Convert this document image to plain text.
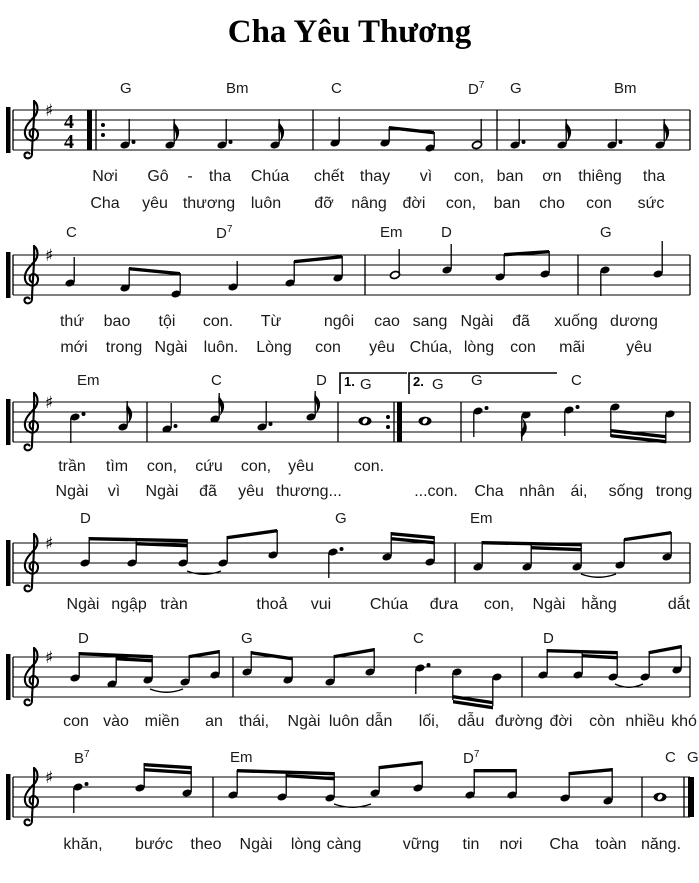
Cha Yêu Thương
♯ 4
4
♯
♯
♯
♯
♯
G	Bm	C	$D^7$ G	Bm
C	$D^7$	Em	D	G
Em	C	D G	G G	C
D	G	Em
D	G	C	D
$B^7$	Em	$D^7$	C G
Nơi Gô - tha Chúa chết thay vì con, ban ơn thiêng tha
Cha yêu thương luôn đỡ nâng đời con, ban cho con sức
thứ bao tội con. Từ	ngôi cao sang Ngài đã xuống dương
mới trong Ngài luôn. Lòng con yêu Chúa, lòng con mãi	yêu
trần tìm con, cứu con, yêu con.
Ngài vì Ngài đã yêu thương...	...con. Cha nhân ái, sống trong
Ngài ngập tràn	thoả vui Chúa đưa con, Ngài hằng	dắt
con vào miền an thái, Ngài luôn dẫn lối, dẫu đường đời còn nhiều khó
khăn, bước theo Ngài lòng càng	vững tin nơi Cha toàn năng.
1.	2.
